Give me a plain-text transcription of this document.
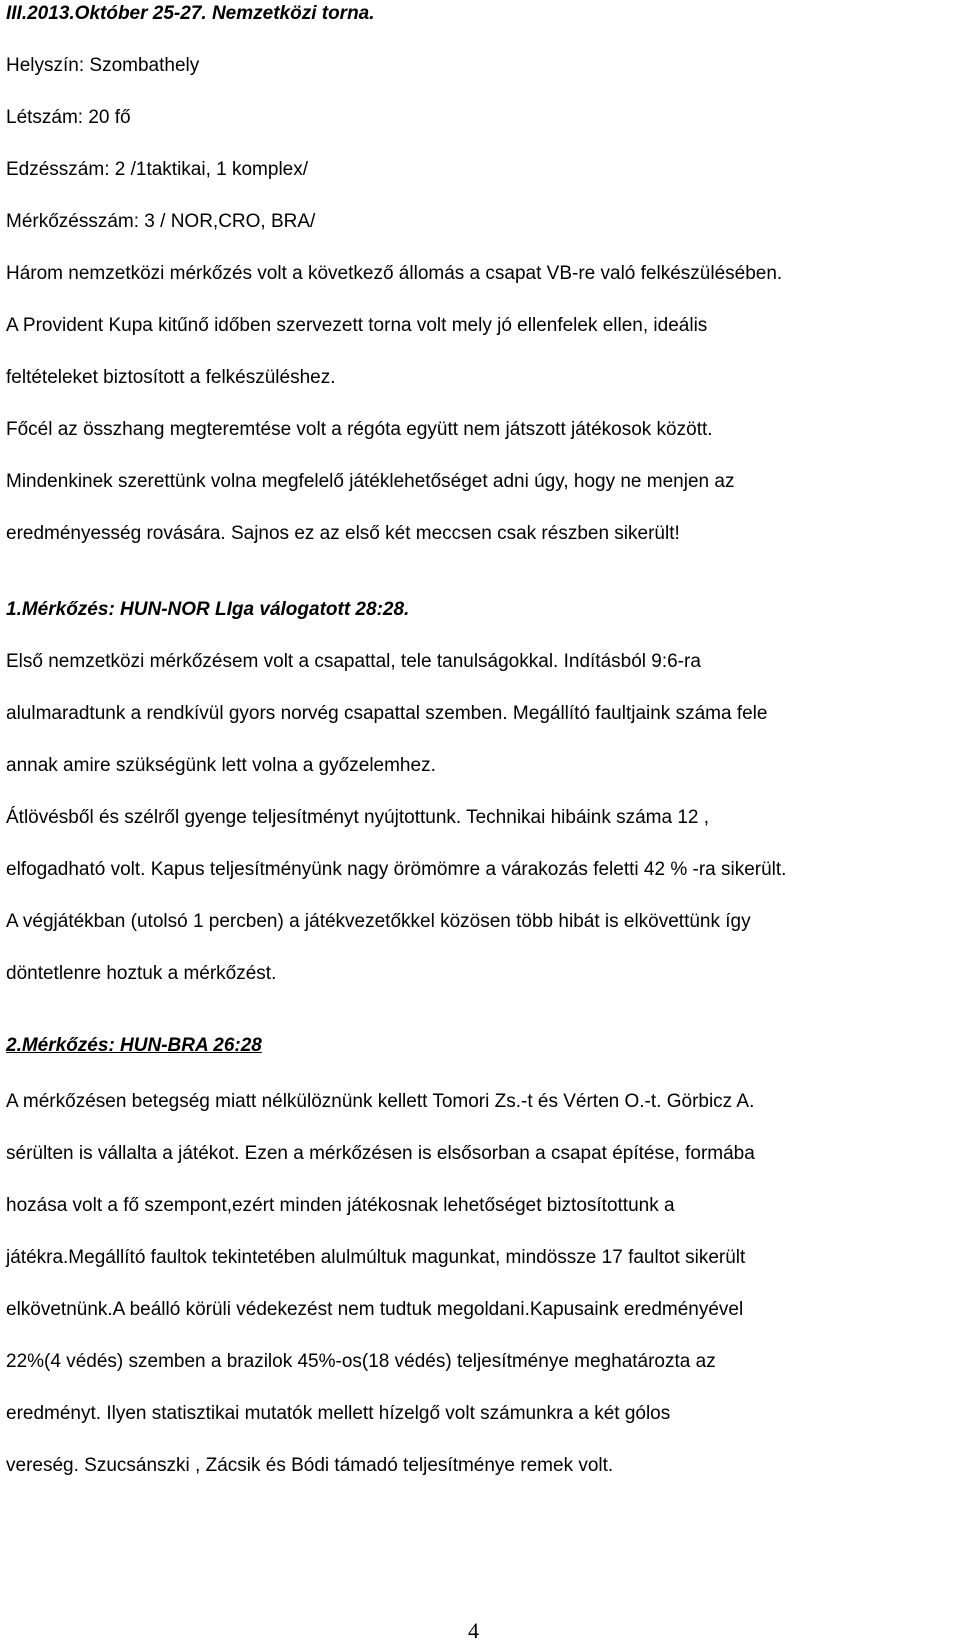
III.2013.Október 25-27. Nemzetközi torna.
Helyszín: Szombathely
Létszám: 20 fő
Edzésszám: 2 /1taktikai, 1 komplex/
Mérkőzésszám: 3 / NOR,CRO, BRA/
Három nemzetközi mérkőzés volt a következő állomás a csapat VB-re való felkészülésében.
A Provident Kupa kitűnő időben szervezett torna volt mely jó ellenfelek ellen, ideális
feltételeket biztosított a felkészüléshez.
Főcél az összhang megteremtése volt a régóta együtt nem játszott játékosok között.
Mindenkinek szerettünk volna megfelelő játéklehetőséget adni úgy, hogy ne menjen az
eredményesség rovására. Sajnos ez az első két meccsen csak részben sikerült!
1.Mérkőzés: HUN-NOR LIga válogatott 28:28.
Első nemzetközi mérkőzésem volt a csapattal, tele tanulságokkal. Indításból 9:6-ra
alulmaradtunk a rendkívül gyors norvég csapattal szemben. Megállító faultjaink száma fele
annak amire szükségünk lett volna a győzelemhez.
Átlövésből és szélről gyenge teljesítményt nyújtottunk. Technikai hibáink száma 12 ,
elfogadható volt. Kapus teljesítményünk nagy örömömre a várakozás feletti 42 % -ra sikerült.
A végjátékban (utolsó 1 percben) a játékvezetőkkel közösen több hibát is elkövettünk így
döntetlenre hoztuk a mérkőzést.
2.Mérkőzés: HUN-BRA 26:28
A mérkőzésen betegség miatt nélkülöznünk kellett Tomori Zs.-t és Vérten O.-t. Görbicz A.
sérülten is vállalta a játékot. Ezen a mérkőzésen is elsősorban a csapat építése, formába
hozása volt a fő szempont,ezért minden játékosnak lehetőséget biztosítottunk a
játékra.Megállító faultok tekintetében alulmúltuk magunkat, mindössze 17 faultot sikerült
elkövetnünk.A beálló körüli védekezést nem tudtuk megoldani.Kapusaink eredményével
22%(4 védés) szemben a brazilok 45%-os(18 védés) teljesítménye meghatározta az
eredményt. Ilyen statisztikai mutatók mellett hízelgő volt számunkra a két gólos
vereség. Szucsánszki , Zácsik és Bódi támadó teljesítménye remek volt.
4
